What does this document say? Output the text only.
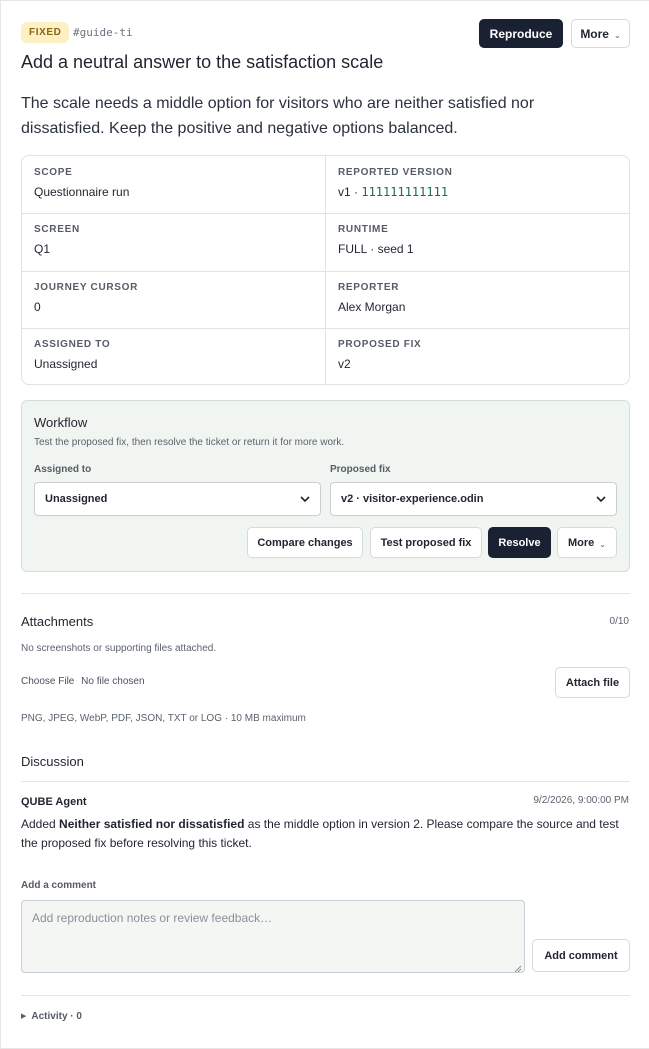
FIXED	#guide-ti	Reproduce More ⌄
Add a neutral answer to the satisfaction scale
The scale needs a middle option for visitors who are neither satisfied nor dissatisfied. Keep the positive and negative options balanced.
SCOPE
Questionnaire run
REPORTED VERSION
v1 · 111111111111
SCREEN
Q1
RUNTIME
FULL · seed 1
JOURNEY CURSOR
0
REPORTER
Alex Morgan
ASSIGNED TO
Unassigned
PROPOSED FIX
v2
Workflow
Test the proposed fix, then resolve the ticket or return it for more work.
Assigned to
Unassigned
Proposed fix
v2 · visitor-experience.odin
Compare changes	Test proposed fix Resolve More ⌄
Attachments	0/10
No screenshots or supporting files attached.
Choose File No file chosen	Attach file
PNG, JPEG, WebP, PDF, JSON, TXT or LOG · 10 MB maximum
Discussion
QUBE Agent	9/2/2026, 9:00:00 PM
Added Neither satisfied nor dissatisfied as the middle option in version 2. Please compare the source and test the proposed fix before resolving this ticket.
Add a comment
Add reproduction notes or review feedback…
Add comment
▶ Activity · 0
